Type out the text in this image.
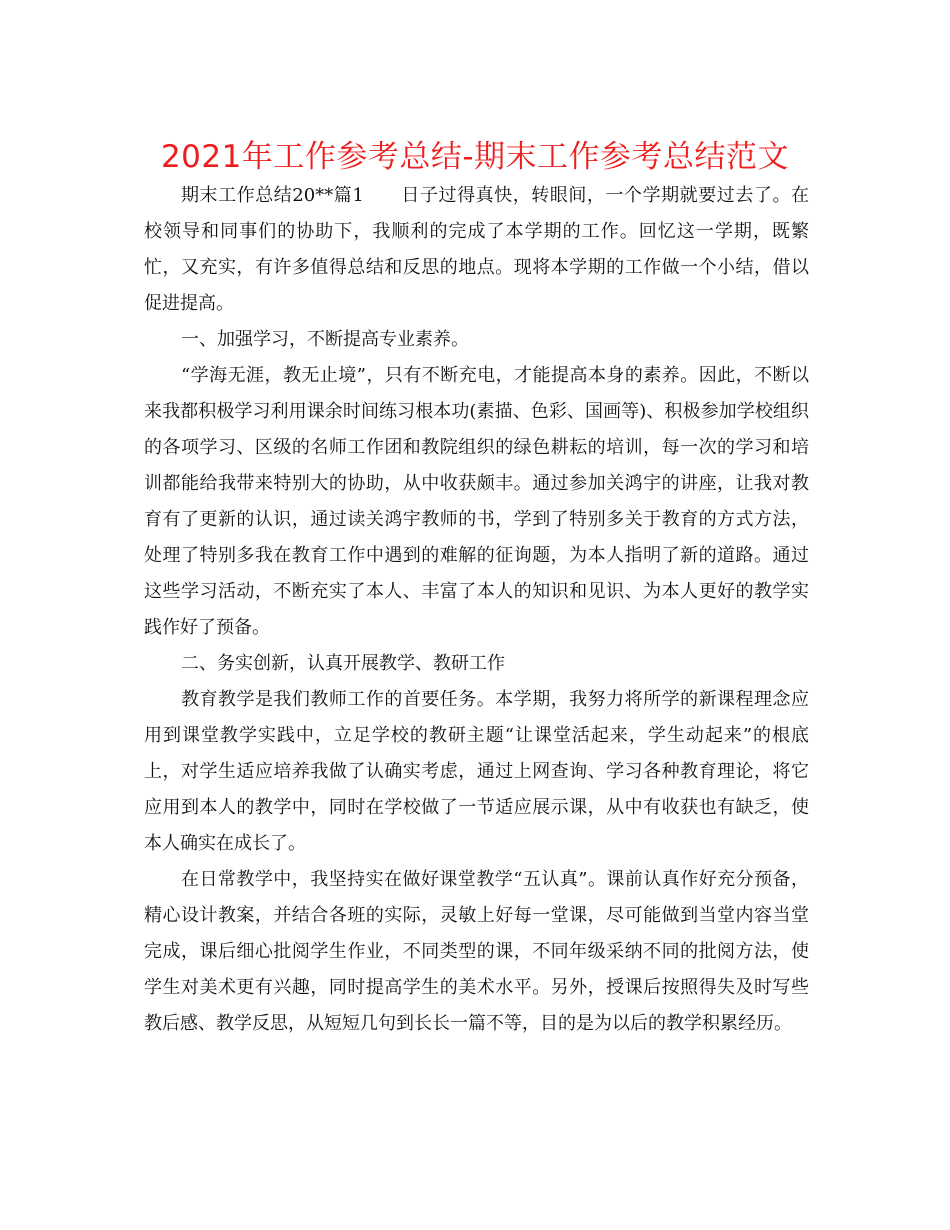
2021年工作参考总结-期末工作参考总结范文

期末工作总结20**篇1　　日子过得真快，转眼间，一个学期就要过去了。在校领导和同事们的协助下，我顺利的完成了本学期的工作。回忆这一学期，既繁忙，又充实，有许多值得总结和反思的地点。现将本学期的工作做一个小结，借以促进提高。

一、加强学习，不断提高专业素养。

“学海无涯，教无止境”，只有不断充电，才能提高本身的素养。因此，不断以来我都积极学习利用课余时间练习根本功(素描、色彩、国画等)、积极参加学校组织的各项学习、区级的名师工作团和教院组织的绿色耕耘的培训，每一次的学习和培训都能给我带来特别大的协助，从中收获颇丰。通过参加关鸿宇的讲座，让我对教育有了更新的认识，通过读关鸿宇教师的书，学到了特别多关于教育的方式方法，处理了特别多我在教育工作中遇到的难解的征询题，为本人指明了新的道路。通过这些学习活动，不断充实了本人、丰富了本人的知识和见识、为本人更好的教学实践作好了预备。

二、务实创新，认真开展教学、教研工作

教育教学是我们教师工作的首要任务。本学期，我努力将所学的新课程理念应用到课堂教学实践中，立足学校的教研主题“让课堂活起来，学生动起来”的根底上，对学生适应培养我做了认确实考虑，通过上网查询、学习各种教育理论，将它应用到本人的教学中，同时在学校做了一节适应展示课，从中有收获也有缺乏，使本人确实在成长了。

在日常教学中，我坚持实在做好课堂教学“五认真”。课前认真作好充分预备，精心设计教案，并结合各班的实际，灵敏上好每一堂课，尽可能做到当堂内容当堂完成，课后细心批阅学生作业，不同类型的课，不同年级采纳不同的批阅方法，使学生对美术更有兴趣，同时提高学生的美术水平。另外，授课后按照得失及时写些教后感、教学反思，从短短几句到长长一篇不等，目的是为以后的教学积累经历。
